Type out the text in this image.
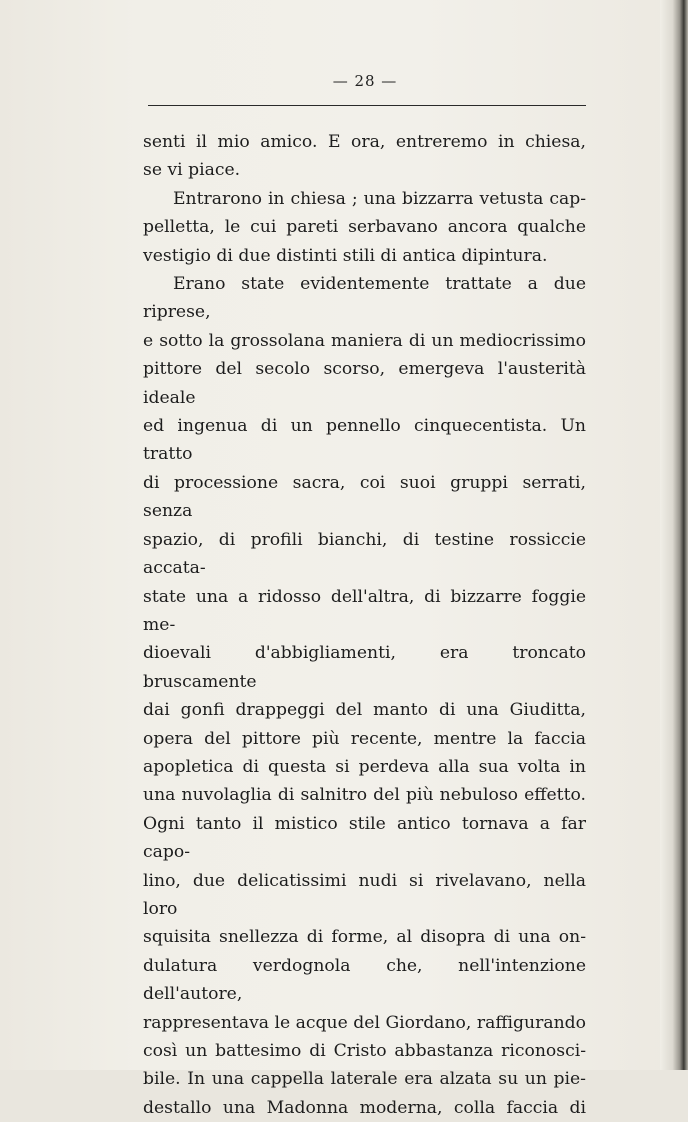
— 28 —

senti il mio amico. E ora, entreremo in chiesa,

se vi piace.

Entrarono in chiesa ; una bizzarra vetusta cap-

pelletta, le cui pareti serbavano ancora qualche

vestigio di due distinti stili di antica dipintura.

Erano state evidentemente trattate a due riprese,

e sotto la grossolana maniera di un mediocrissimo

pittore del secolo scorso, emergeva l'austerità ideale

ed ingenua di un pennello cinquecentista. Un tratto

di processione sacra, coi suoi gruppi serrati, senza

spazio, di profili bianchi, di testine rossiccie accata-

state una a ridosso dell'altra, di bizzarre foggie me-

dioevali d'abbigliamenti, era troncato bruscamente

dai gonfi drappeggi del manto di una Giuditta,

opera del pittore più recente, mentre la faccia

apopletica di questa si perdeva alla sua volta in

una nuvolaglia di salnitro del più nebuloso effetto.

Ogni tanto il mistico stile antico tornava a far capo-

lino, due delicatissimi nudi si rivelavano, nella loro

squisita snellezza di forme, al disopra di una on-

dulatura verdognola che, nell'intenzione dell'autore,

rappresentava le acque del Giordano, raffigurando

così un battesimo di Cristo abbastanza riconosci-

bile. In una cappella laterale era alzata su un pie-

destallo una Madonna moderna, colla faccia di
